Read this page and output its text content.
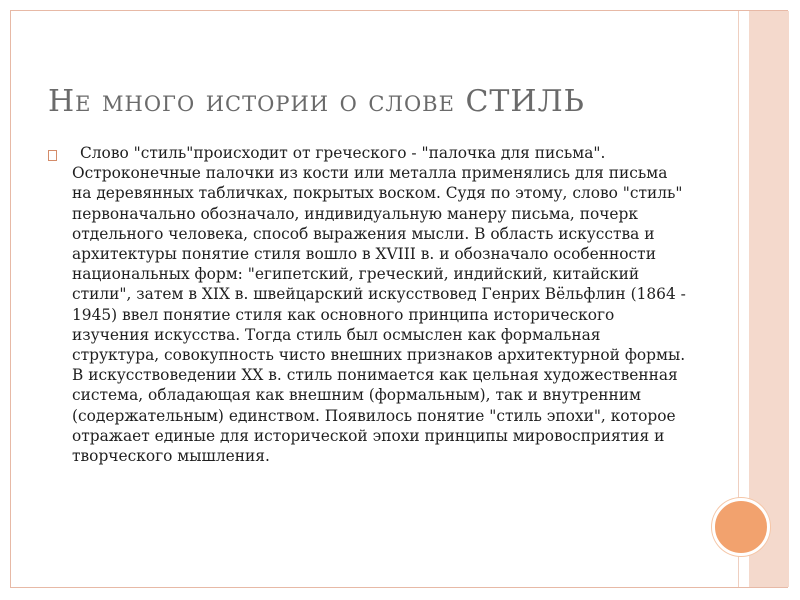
Не много истории о слове СТИЛЬ
Слово "стиль"происходит от греческого - "палочка для письма". Остроконечные палочки из кости или металла применялись для письма на деревянных табличках, покрытых воском. Судя по этому, слово "стиль" первоначально обозначало, индивидуальную манеру письма, почерк отдельного человека, способ выражения мысли. В область искусства и архитектуры понятие стиля вошло в XVIII в. и обозначало особенности национальных форм: "египетский, греческий, индийский, китайский стили", затем в XIX в. швейцарский искусствовед Генрих Вёльфлин (1864 - 1945) ввел понятие стиля как основного принципа исторического изучения искусства. Тогда стиль был осмыслен как формальная структура, совокупность чисто внешних признаков архитектурной формы. В искусствоведении XX в. стиль понимается как цельная художественная система, обладающая как внешним (формальным), так и внутренним (содержательным) единством. Появилось понятие "стиль эпохи", которое отражает единые для исторической эпохи принципы мировосприятия и творческого мышления.
